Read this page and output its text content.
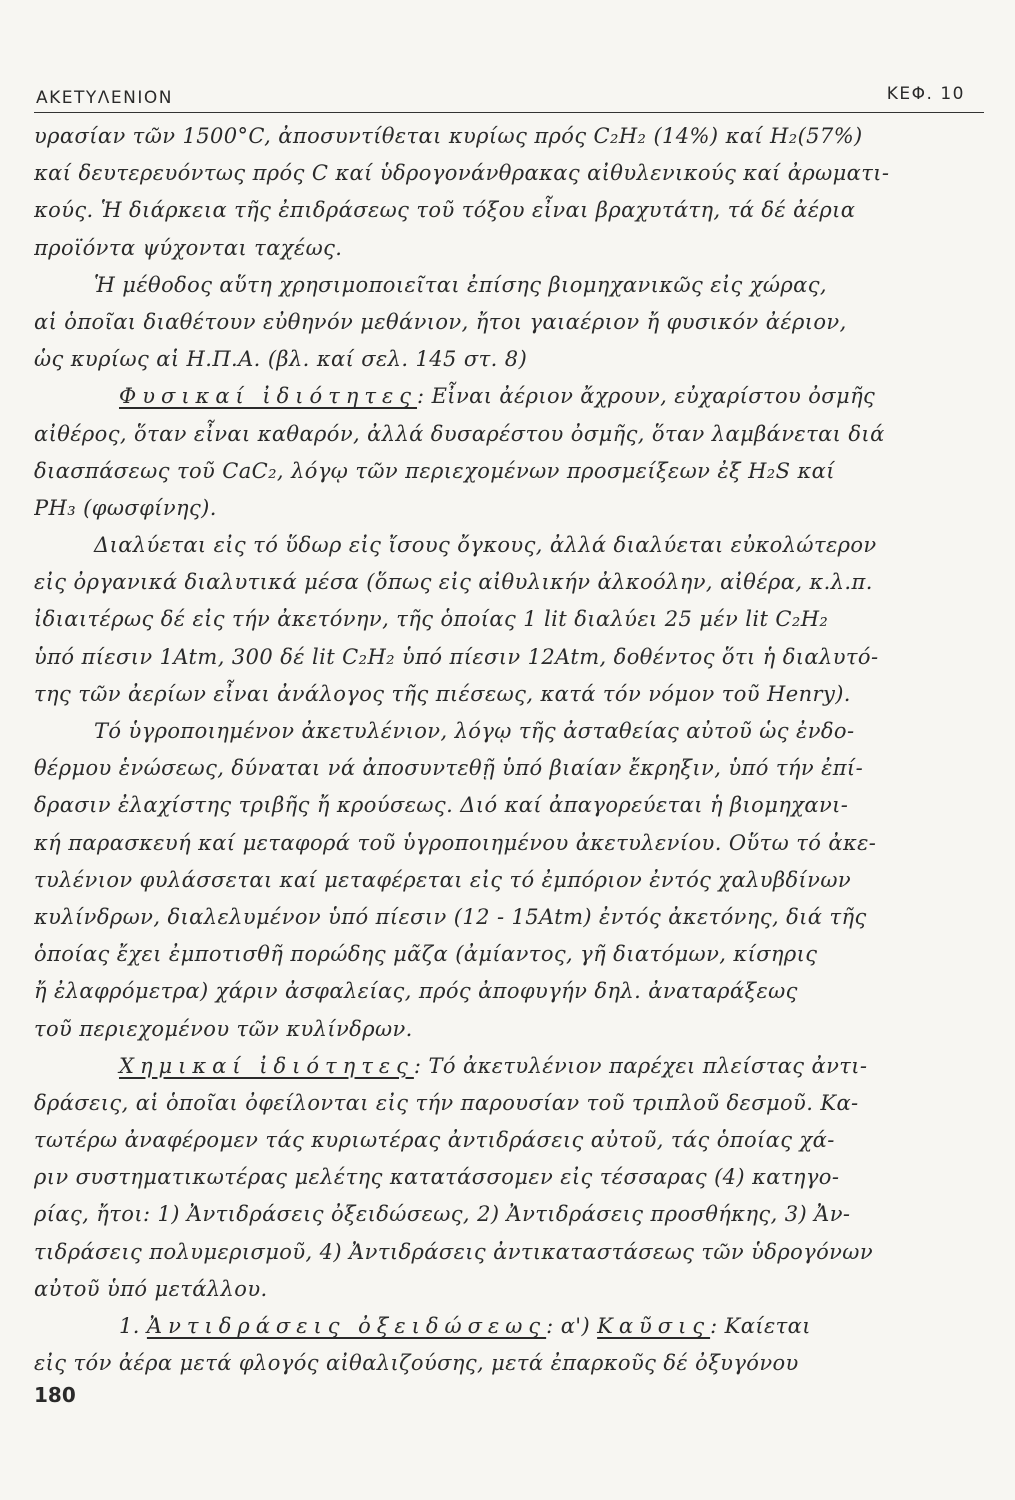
ΑΚΕΤΥΛΕΝΙΟΝ	ΚΕΦ. 10
υρασίαν τῶν 1500°C, ἀποσυντίθεται κυρίως πρός C₂H₂ (14%) καί H₂(57%)
καί δευτερευόντως πρός C καί ὑδρογονάνθρακας αἰθυλενικούς καί ἀρωματι-
κούς. Ἡ διάρκεια τῆς ἐπιδράσεως τοῦ τόξου εἶναι βραχυτάτη, τά δέ ἀέρια
προϊόντα ψύχονται ταχέως.
Ἡ μέθοδος αὕτη χρησιμοποιεῖται ἐπίσης βιομηχανικῶς εἰς χώρας,
αἱ ὁποῖαι διαθέτουν εὐθηνόν μεθάνιον, ἤτοι γαιαέριον ἤ φυσικόν ἀέριον,
ὡς κυρίως αἱ Η.Π.Α. (βλ. καί σελ. 145 στ. 8)
Φυσικαί ἰδιότητες: Εἶναι ἀέριον ἄχρουν, εὐχαρίστου ὀσμῆς
αἰθέρος, ὅταν εἶναι καθαρόν, ἀλλά δυσαρέστου ὀσμῆς, ὅταν λαμβάνεται διά
διασπάσεως τοῦ CaC₂, λόγῳ τῶν περιεχομένων προσμείξεων ἐξ H₂S καί
PH₃ (φωσφίνης).
Διαλύεται εἰς τό ὕδωρ εἰς ἴσους ὄγκους, ἀλλά διαλύεται εὐκολώτερον
εἰς ὀργανικά διαλυτικά μέσα (ὅπως εἰς αἰθυλικήν ἀλκοόλην, αἰθέρα, κ.λ.π.
ἰδιαιτέρως δέ εἰς τήν ἀκετόνην, τῆς ὁποίας 1 lit διαλύει 25 μέν lit C₂H₂
ὑπό πίεσιν 1Atm, 300 δέ lit C₂H₂ ὑπό πίεσιν 12Atm, δοθέντος ὅτι ἡ διαλυτό-
της τῶν ἀερίων εἶναι ἀνάλογος τῆς πιέσεως, κατά τόν νόμον τοῦ Henry).
Τό ὑγροποιημένον ἀκετυλένιον, λόγῳ τῆς ἀσταθείας αὐτοῦ ὡς ἐνδο-
θέρμου ἑνώσεως, δύναται νά ἀποσυντεθῇ ὑπό βιαίαν ἔκρηξιν, ὑπό τήν ἐπί-
δρασιν ἐλαχίστης τριβῆς ἤ κρούσεως. Διό καί ἀπαγορεύεται ἡ βιομηχανι-
κή παρασκευή καί μεταφορά τοῦ ὑγροποιημένου ἀκετυλενίου. Οὕτω τό ἀκε-
τυλένιον φυλάσσεται καί μεταφέρεται εἰς τό ἐμπόριον ἐντός χαλυβδίνων
κυλίνδρων, διαλελυμένον ὑπό πίεσιν (12 - 15Atm) ἐντός ἀκετόνης, διά τῆς
ὁποίας ἔχει ἐμποτισθῆ πορώδης μᾶζα (ἀμίαντος, γῆ διατόμων, κίσηρις
ἤ ἐλαφρόμετρα) χάριν ἀσφαλείας, πρός ἀποφυγήν δηλ. ἀναταράξεως
τοῦ περιεχομένου τῶν κυλίνδρων.
Χημικαί ἰδιότητες: Τό ἀκετυλένιον παρέχει πλείστας ἀντι-
δράσεις, αἱ ὁποῖαι ὀφείλονται εἰς τήν παρουσίαν τοῦ τριπλοῦ δεσμοῦ. Κα-
τωτέρω ἀναφέρομεν τάς κυριωτέρας ἀντιδράσεις αὐτοῦ, τάς ὁποίας χά-
ριν συστηματικωτέρας μελέτης κατατάσσομεν εἰς τέσσαρας (4) κατηγο-
ρίας, ἤτοι: 1) Ἀντιδράσεις ὀξειδώσεως, 2) Ἀντιδράσεις προσθήκης, 3) Ἀν-
τιδράσεις πολυμερισμοῦ, 4) Ἀντιδράσεις ἀντικαταστάσεως τῶν ὑδρογόνων
αὐτοῦ ὑπό μετάλλου.
1. Ἀντιδράσεις ὀξειδώσεως: α') Καῦσις: Καίεται
εἰς τόν ἀέρα μετά φλογός αἰθαλιζούσης, μετά ἐπαρκοῦς δέ ὀξυγόνου
180
